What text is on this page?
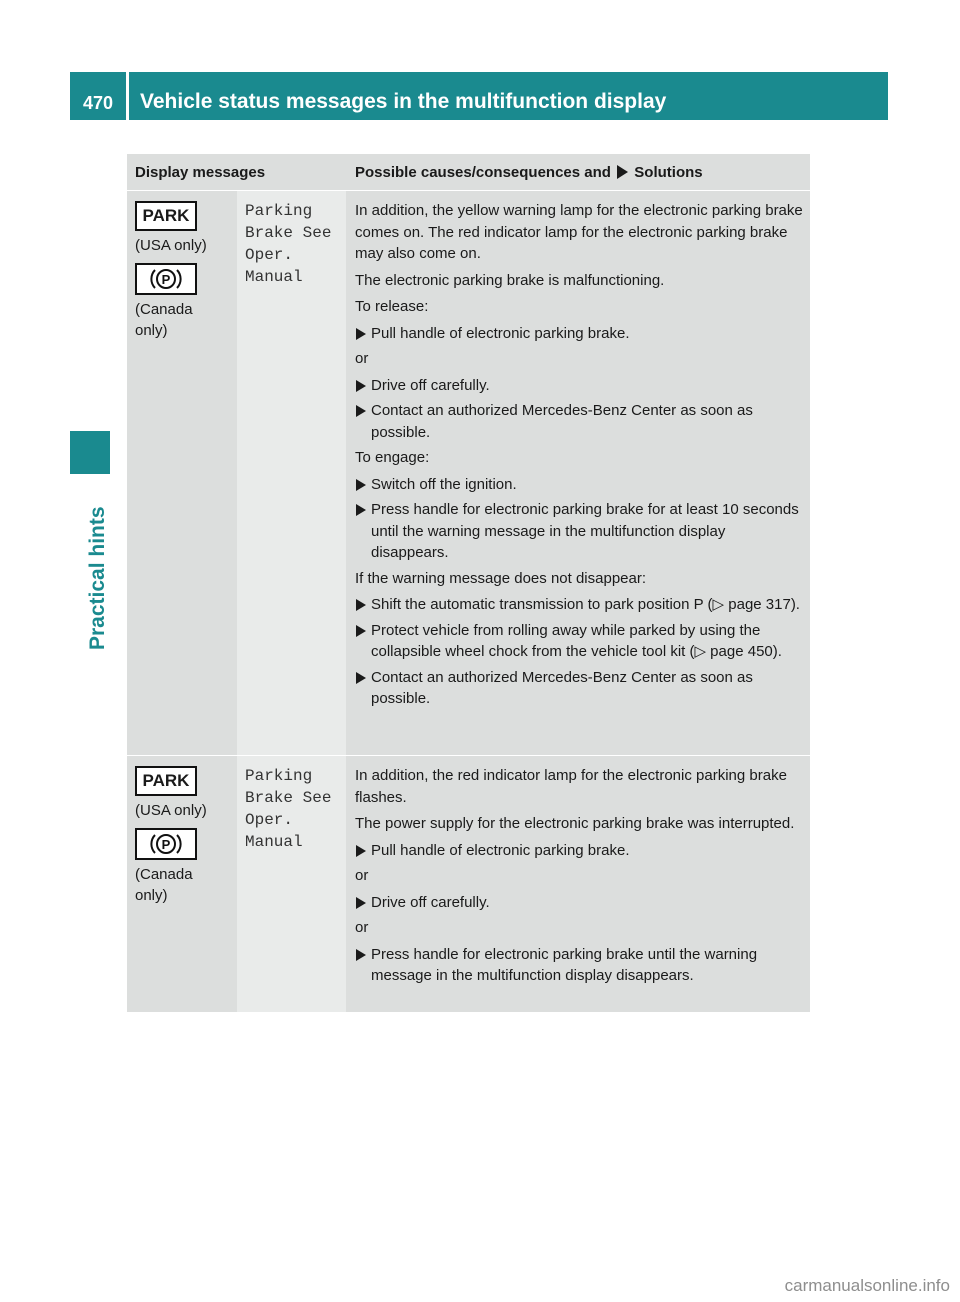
470	Vehicle status messages in the multifunction display
Practical hints
Display messages	Possible causes/consequences and Solutions
PARK
(USA only)
P
(Canada
only)
Parking
Brake See
Oper.
Manual
In addition, the yellow warning lamp for the electronic parking brake comes on. The red indicator lamp for the electronic parking brake may also come on.
The electronic parking brake is malfunctioning.
To release:
Pull handle of electronic parking brake.
or
Drive off carefully.
Contact an authorized Mercedes-Benz Center as soon as possible.
To engage:
Switch off the ignition.
Press handle for electronic parking brake for at least 10 seconds until the warning message in the multifunction display disappears.
If the warning message does not disappear:
Shift the automatic transmission to park position P (▷ page 317).
Protect vehicle from rolling away while parked by using the collapsible wheel chock from the vehicle tool kit (▷ page 450).
Contact an authorized Mercedes-Benz Center as soon as possible.
PARK
(USA only)
P
(Canada
only)
Parking
Brake See
Oper.
Manual
In addition, the red indicator lamp for the electronic parking brake flashes.
The power supply for the electronic parking brake was interrupted.
Pull handle of electronic parking brake.
or
Drive off carefully.
or
Press handle for electronic parking brake until the warning message in the multifunction display disappears.
carmanualsonline.info
